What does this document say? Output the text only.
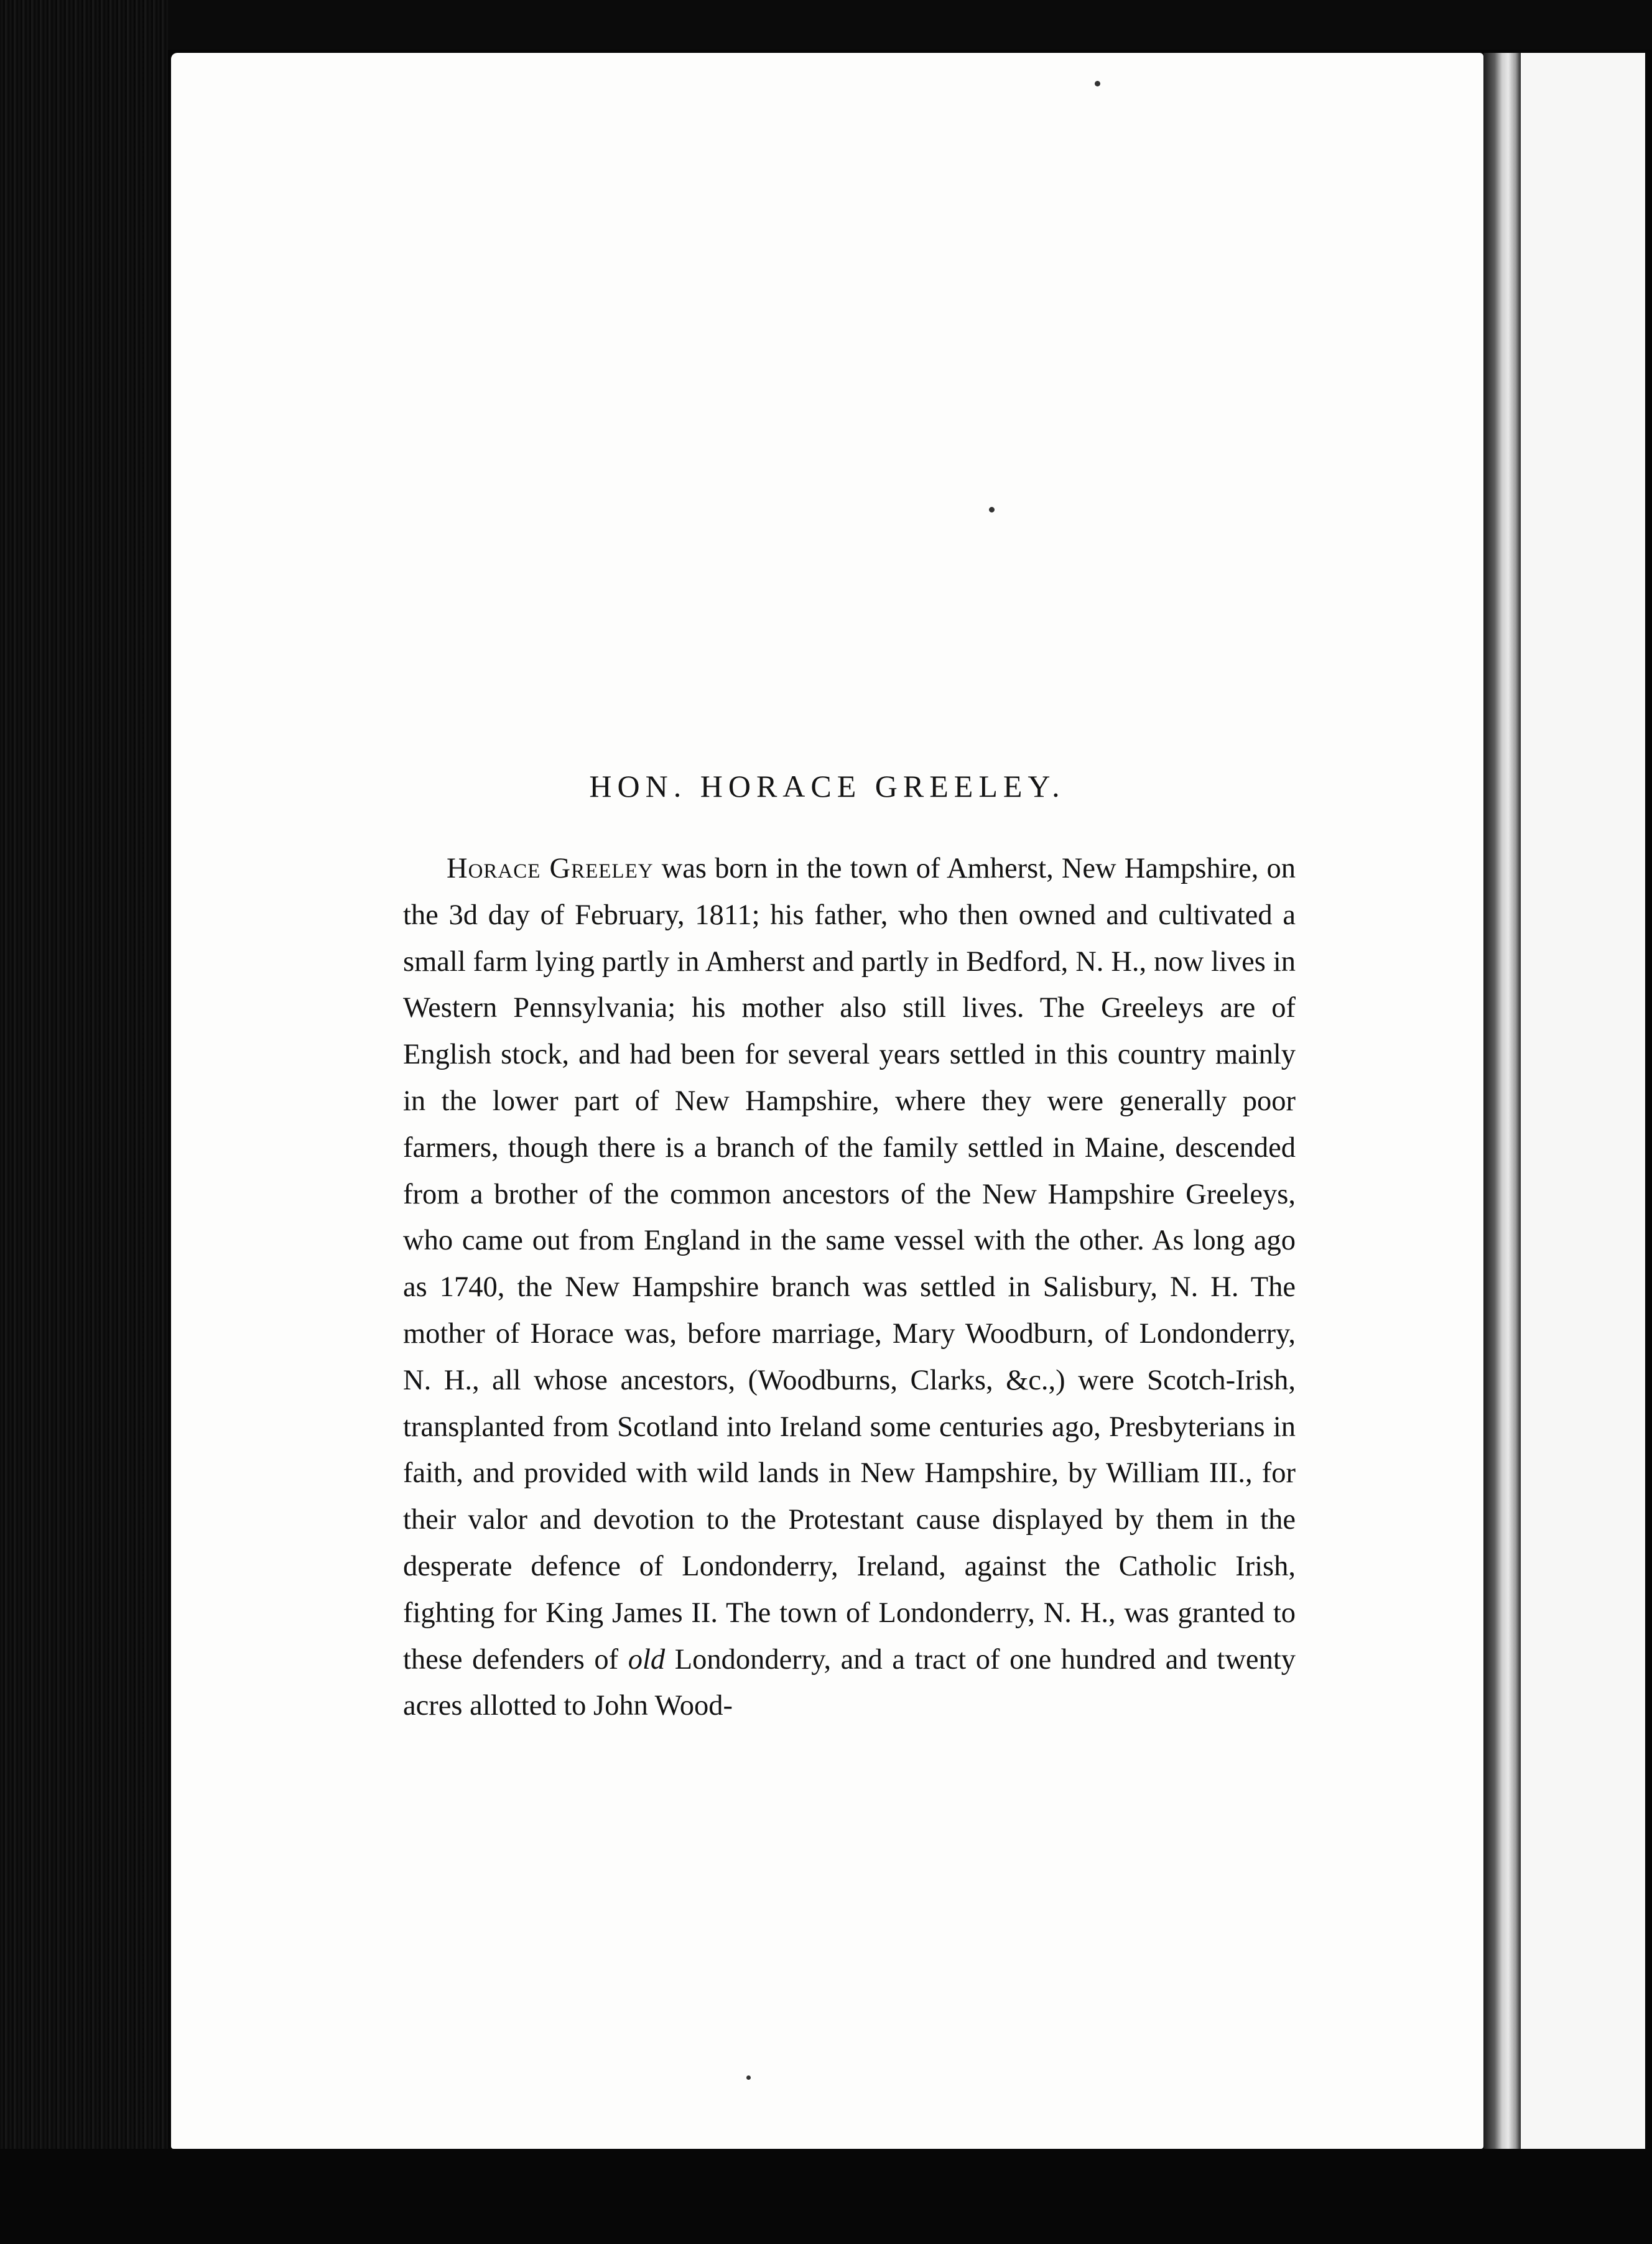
HON. HORACE GREELEY.

Horace Greeley was born in the town of Amherst, New Hampshire, on the 3d day of February, 1811; his father, who then owned and cultivated a small farm lying partly in Amherst and partly in Bedford, N. H., now lives in Western Pennsylvania; his mother also still lives. The Greeleys are of English stock, and had been for several years settled in this country mainly in the lower part of New Hampshire, where they were generally poor farmers, though there is a branch of the family settled in Maine, descended from a brother of the common ancestors of the New Hampshire Greeleys, who came out from England in the same vessel with the other. As long ago as 1740, the New Hampshire branch was settled in Salisbury, N. H. The mother of Horace was, before marriage, Mary Woodburn, of Londonderry, N. H., all whose ancestors, (Woodburns, Clarks, &c.,) were Scotch-Irish, transplanted from Scotland into Ireland some centuries ago, Presbyterians in faith, and provided with wild lands in New Hampshire, by William III., for their valor and devotion to the Protestant cause displayed by them in the desperate defence of Londonderry, Ireland, against the Catholic Irish, fighting for King James II. The town of Londonderry, N. H., was granted to these defenders of old Londonderry, and a tract of one hundred and twenty acres allotted to John Wood-
